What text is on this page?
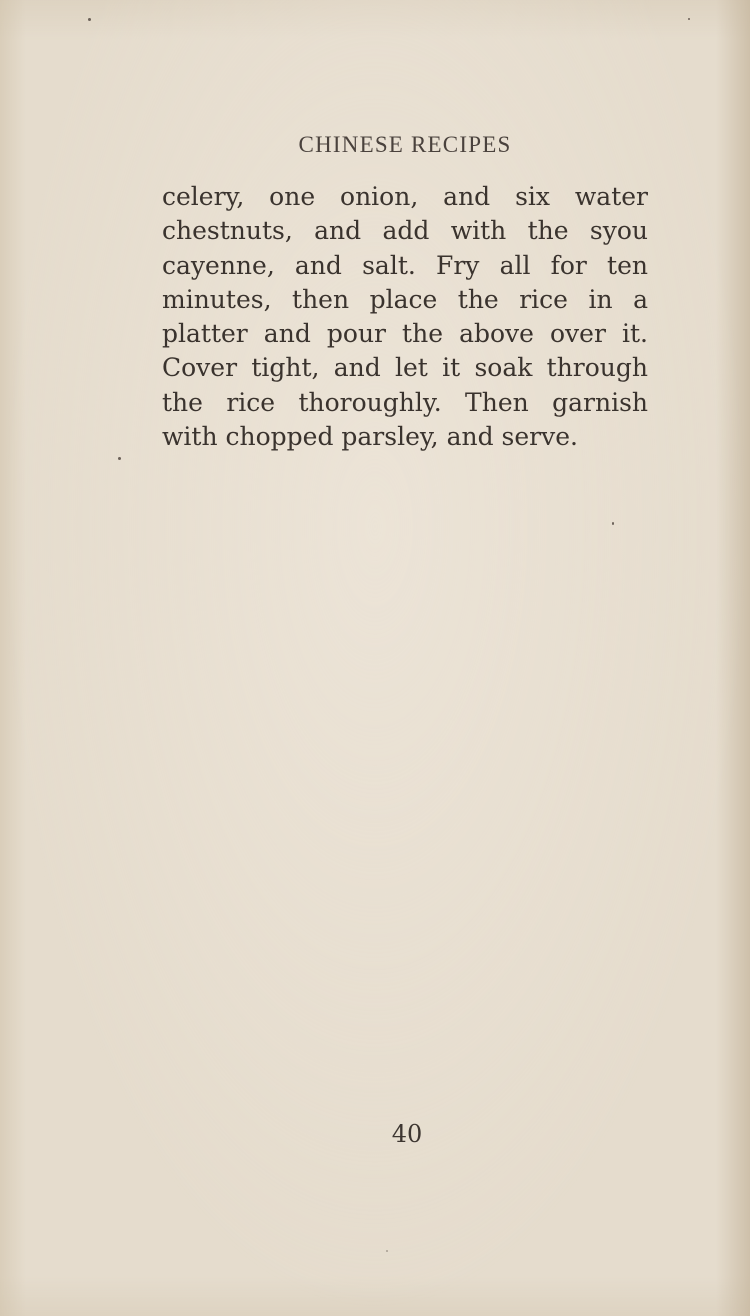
CHINESE RECIPES
celery, one onion, and six water
chestnuts, and add with the syou
cayenne, and salt. Fry all for ten
minutes, then place the rice in a
platter and pour the above over it.
Cover tight, and let it soak through
the rice thoroughly. Then garnish
with chopped parsley, and serve.
40
